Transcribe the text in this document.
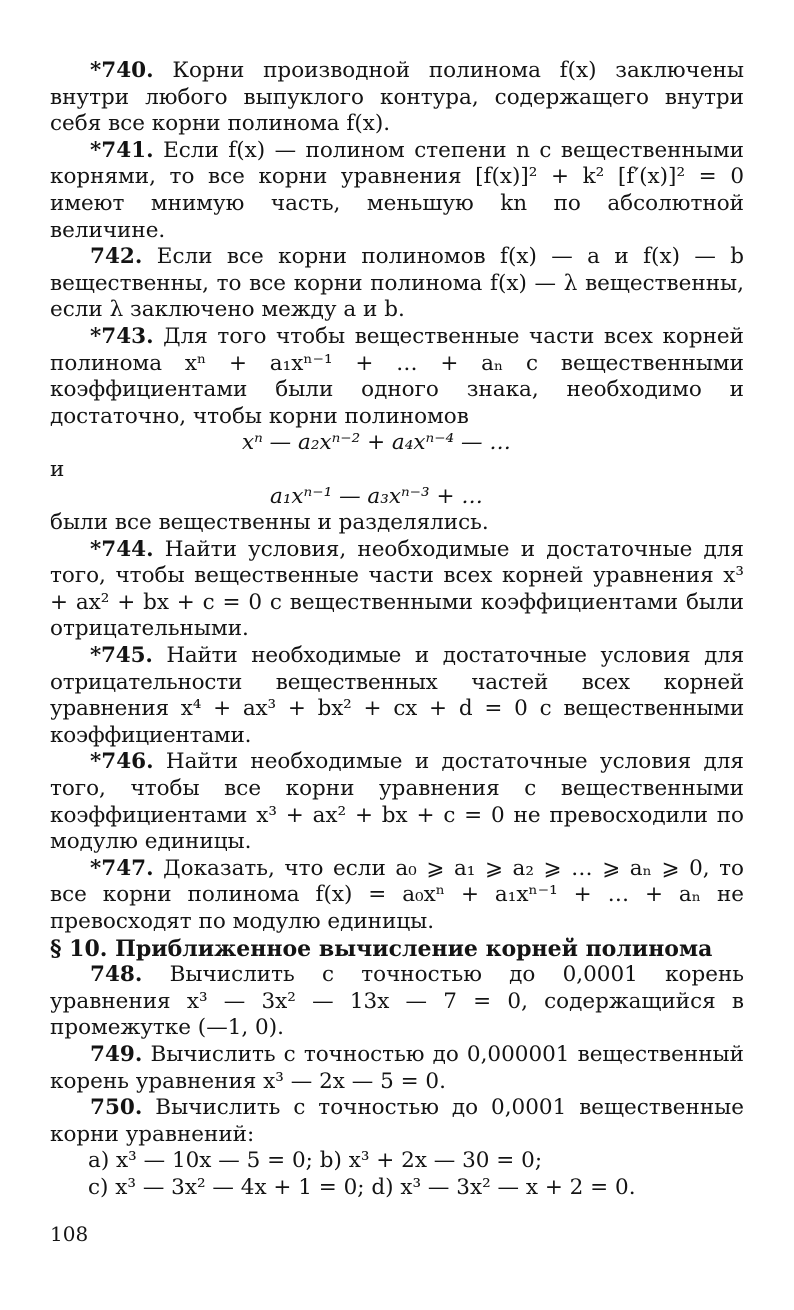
*740. Корни производной полинома f(x) заключены внутри любого выпуклого контура, содержащего внутри себя все корни полинома f(x).

*741. Если f(x) — полином степени n с вещественными корнями, то все корни уравнения [f(x)]² + k² [f′(x)]² = 0 имеют мнимую часть, меньшую kn по абсолютной величине.

742. Если все корни полиномов f(x) — a и f(x) — b вещественны, то все корни полинома f(x) — λ вещественны, если λ заключено между a и b.

*743. Для того чтобы вещественные части всех корней полинома xⁿ + a₁xⁿ⁻¹ + … + aₙ с вещественными коэффициентами были одного знака, необходимо и достаточно, чтобы корни полиномов

xⁿ — a₂xⁿ⁻² + a₄xⁿ⁻⁴ — …

и

a₁xⁿ⁻¹ — a₃xⁿ⁻³ + …

были все вещественны и разделялись.

*744. Найти условия, необходимые и достаточные для того, чтобы вещественные части всех корней уравнения x³ + ax² + bx + c = 0 с вещественными коэффициентами были отрицательными.

*745. Найти необходимые и достаточные условия для отрицательности вещественных частей всех корней уравнения x⁴ + ax³ + bx² + cx + d = 0 с вещественными коэффициентами.

*746. Найти необходимые и достаточные условия для того, чтобы все корни уравнения с вещественными коэффициентами x³ + ax² + bx + c = 0 не превосходили по модулю единицы.

*747. Доказать, что если a₀ ⩾ a₁ ⩾ a₂ ⩾ … ⩾ aₙ ⩾ 0, то все корни полинома f(x) = a₀xⁿ + a₁xⁿ⁻¹ + … + aₙ не превосходят по модулю единицы.

§ 10. Приближенное вычисление корней полинома

748. Вычислить с точностью до 0,0001 корень уравнения x³ — 3x² — 13x — 7 = 0, содержащийся в промежутке (—1, 0).

749. Вычислить с точностью до 0,000001 вещественный корень уравнения x³ — 2x — 5 = 0.

750. Вычислить с точностью до 0,0001 вещественные корни уравнений:

a) x³ — 10x — 5 = 0; b) x³ + 2x — 30 = 0;

c) x³ — 3x² — 4x + 1 = 0; d) x³ — 3x² — x + 2 = 0.

108
